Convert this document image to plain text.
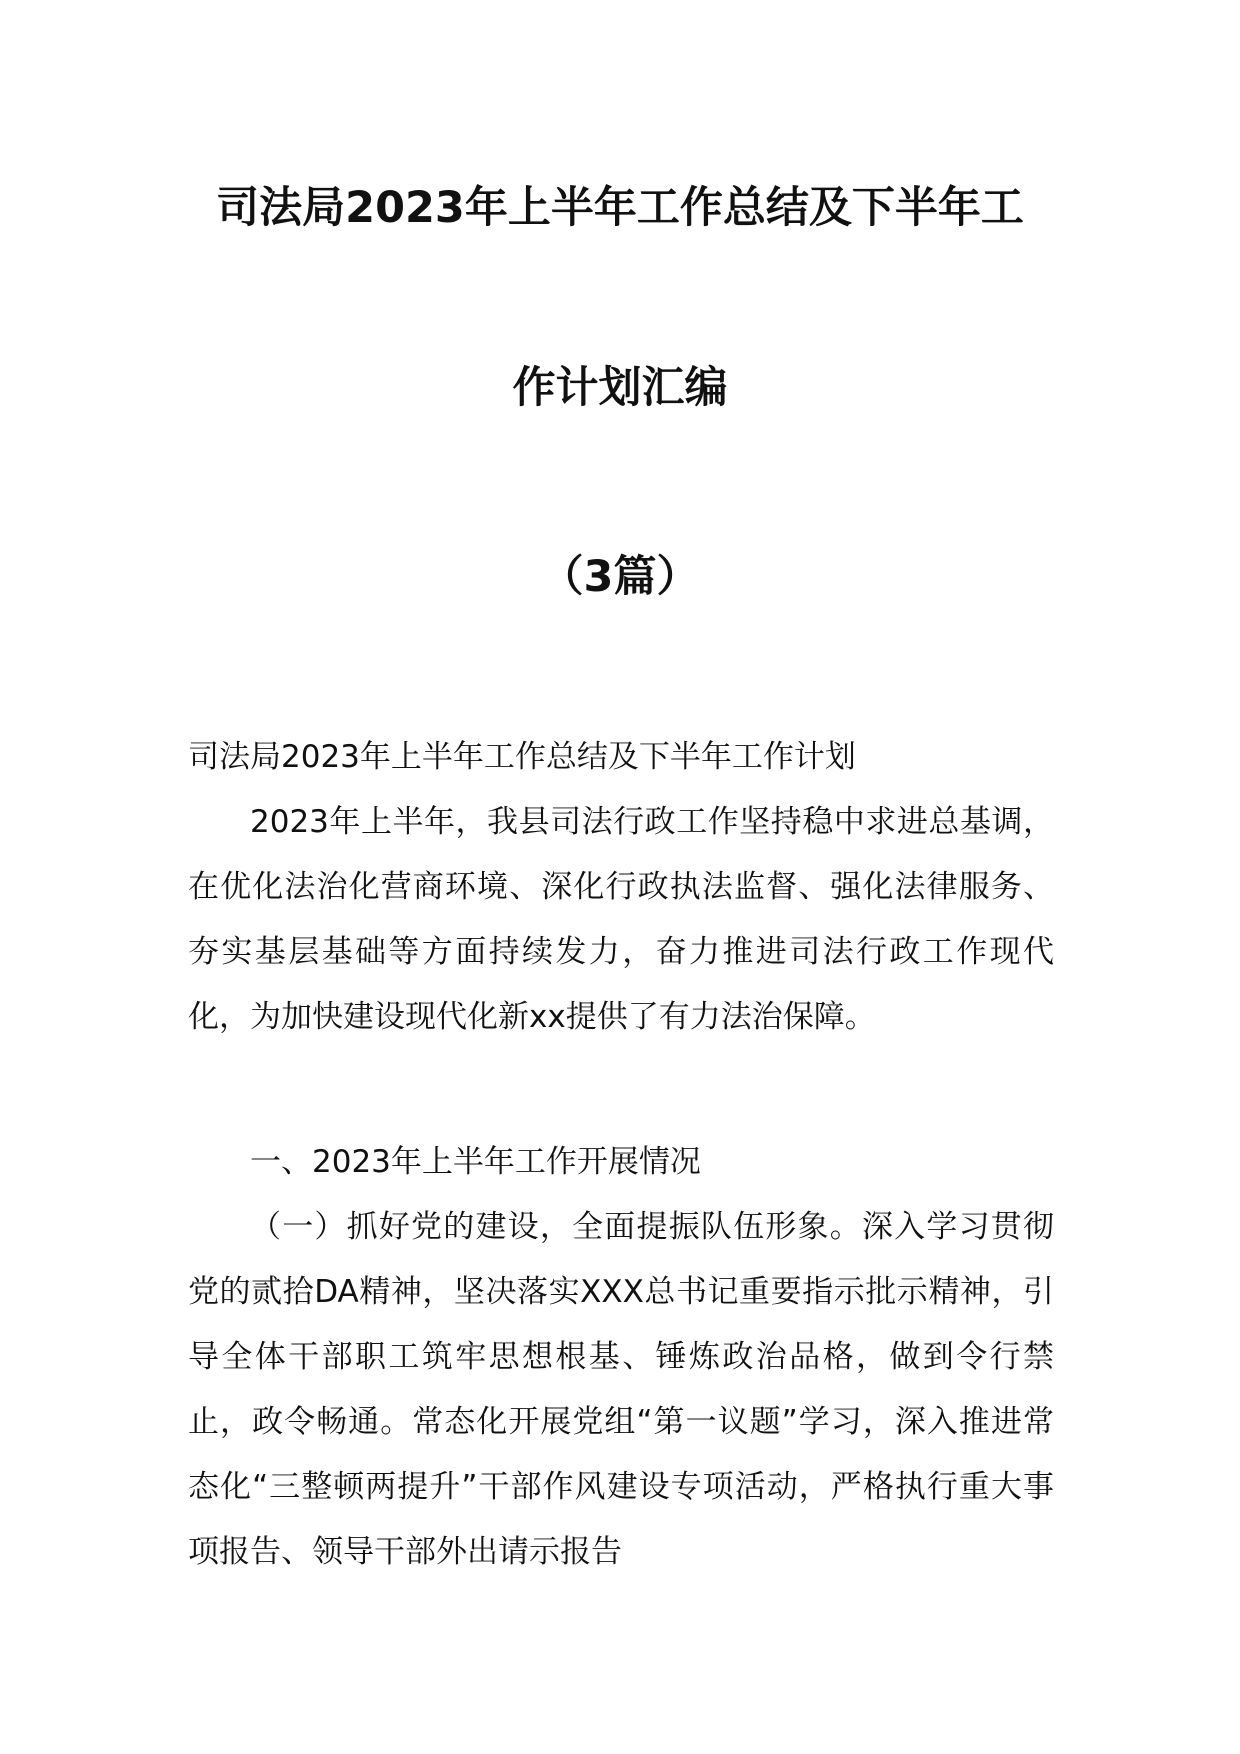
司法局2023年上半年工作总结及下半年工
作计划汇编
（3篇）
司法局2023年上半年工作总结及下半年工作计划
2023年上半年，我县司法行政工作坚持稳中求进总基调，在优化法治化营商环境、深化行政执法监督、强化法律服务、夯实基层基础等方面持续发力，奋力推进司法行政工作现代化，为加快建设现代化新xx提供了有力法治保障。
一、2023年上半年工作开展情况
（一）抓好党的建设，全面提振队伍形象。深入学习贯彻党的贰拾DA精神，坚决落实XXX总书记重要指示批示精神，引导全体干部职工筑牢思想根基、锤炼政治品格，做到令行禁止，政令畅通。常态化开展党组“第一议题”学习，深入推进常态化“三整顿两提升”干部作风建设专项活动，严格执行重大事项报告、领导干部外出请示报告
